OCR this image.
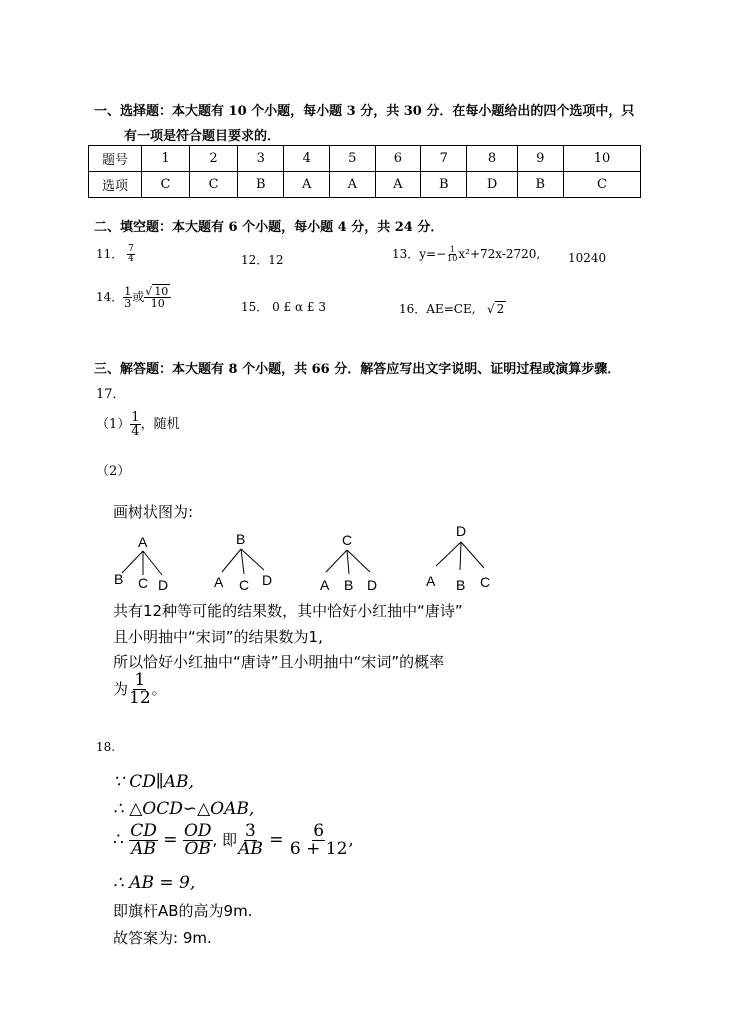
一、选择题：本大题有 10 个小题，每小题 3 分，共 30 分．在每小题给出的四个选项中，只
有一项是符合题目要求的．
题号	1	2	3	4	5	6	7	8	9	10
选项	C	C	B	A	A	A	B	D	B	C
二、填空题：本大题有 6 个小题，每小题 4 分，共 24 分．
11． $\frac{7}{4}$	12．12	13．$y=- \frac{1}{10} x^2+72x-2720$, 10240
14． $\frac{1}{3}$ 或 $\frac{√ 10}{10}$	15． 0 £ α £ 3	16．AE=CE,   √ 2
三、解答题：本大题有 8 个小题，共 66 分．解答应写出文字说明、证明过程或演算步骤．
17．
$(1) \frac{1}{4}$ ，随机
（2）
画树状图为:
A
B C D
B
A C D
C
A B D
D
A B C
共有12种等可能的结果数，其中恰好小红抽中“唐诗”
且小明抽中“宋词”的结果数为1,
所以恰好小红抽中“唐诗”且小明抽中“宋词”的概率
为 $\frac{1}{12}$ 。
18.
∵ CD∥AB,
∴ △OCD∽△OAB,
∴ $\frac{CD}{AB} = \frac{OD}{OB}$ , 即 $\frac{3}{AB} = \frac{6}{6 + 12}$ ,
∴ AB = 9,
即旗杆AB的高为9m.
故答案为: 9m.
